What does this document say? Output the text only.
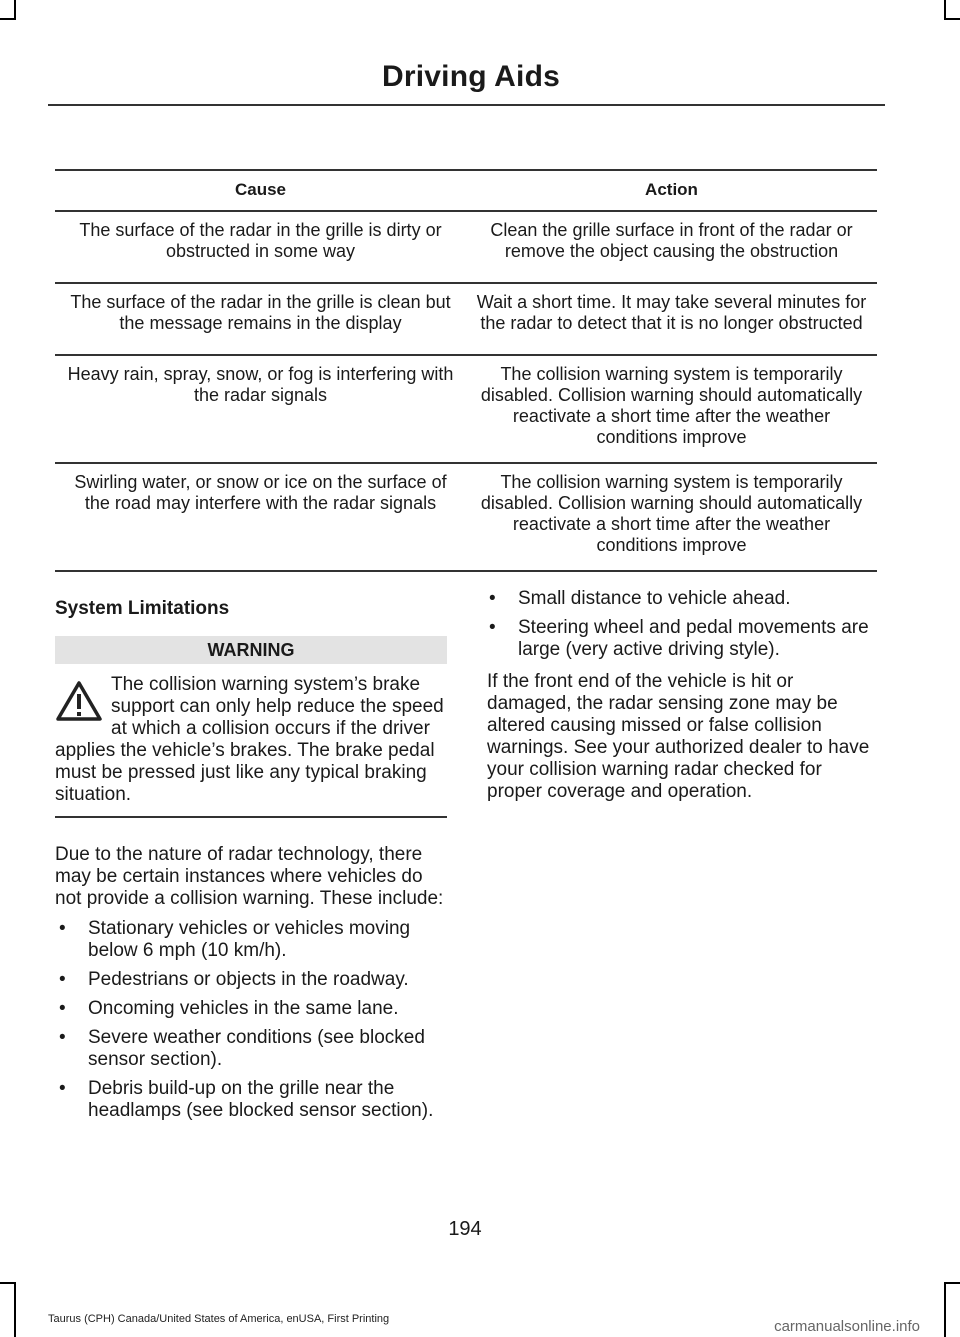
Driving Aids
Cause	Action
The surface of the radar in the grille is dirty or obstructed in some way	Clean the grille surface in front of the radar or remove the object causing the obstruction
The surface of the radar in the grille is clean but the message remains in the display	Wait a short time. It may take several minutes for the radar to detect that it is no longer obstructed
Heavy rain, spray, snow, or fog is interfering with the radar signals	The collision warning system is temporarily disabled. Collision warning should automatically reactivate a short time after the weather conditions improve
Swirling water, or snow or ice on the surface of the road may interfere with the radar signals	The collision warning system is temporarily disabled. Collision warning should automatically reactivate a short time after the weather conditions improve
System Limitations
WARNING
The collision warning system’s brake support can only help reduce the speed at which a collision occurs if the driver applies the vehicle’s brakes. The brake pedal must be pressed just like any typical braking situation.
Due to the nature of radar technology, there may be certain instances where vehicles do not provide a collision warning. These include:
• Stationary vehicles or vehicles moving below 6 mph (10 km/h).
• Pedestrians or objects in the roadway.
• Oncoming vehicles in the same lane.
• Severe weather conditions (see blocked sensor section).
• Debris build-up on the grille near the headlamps (see blocked sensor section).
• Small distance to vehicle ahead.
• Steering wheel and pedal movements are large (very active driving style).
If the front end of the vehicle is hit or damaged, the radar sensing zone may be altered causing missed or false collision warnings. See your authorized dealer to have your collision warning radar checked for proper coverage and operation.
194
Taurus (CPH) Canada/United States of America, enUSA, First Printing	carmanualsonline.info
